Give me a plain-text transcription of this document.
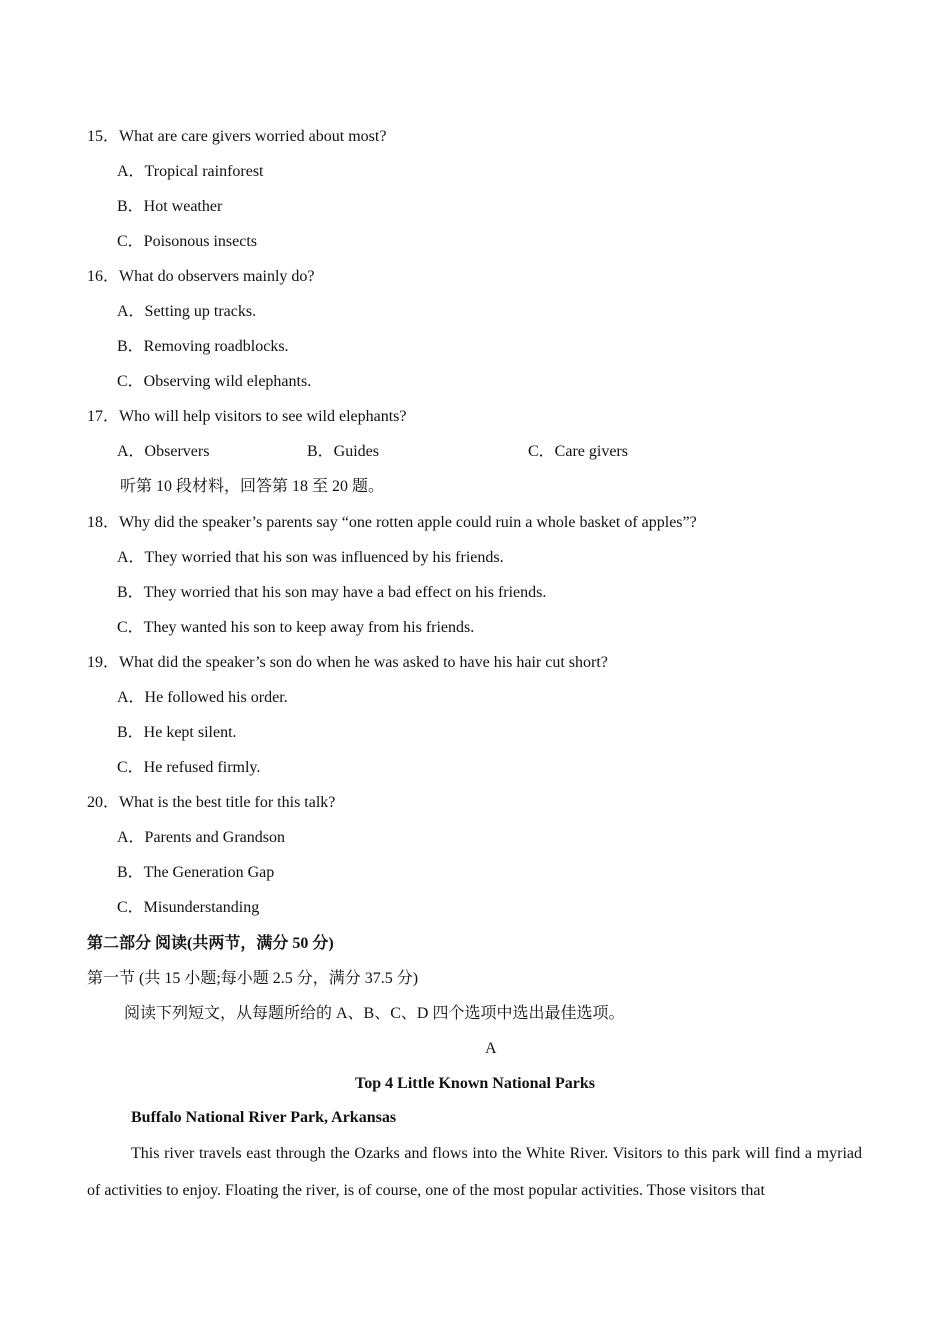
15．What are care givers worried about most?
A．Tropical rainforest
B．Hot weather
C．Poisonous insects
16．What do observers mainly do?
A．Setting up tracks.
B．Removing roadblocks.
C．Observing wild elephants.
17．Who will help visitors to see wild elephants?
A．Observers	B．Guides	C．Care givers
听第 10 段材料，回答第 18 至 20 题。
18．Why did the speaker’s parents say “one rotten apple could ruin a whole basket of apples”?
A．They worried that his son was influenced by his friends.
B．They worried that his son may have a bad effect on his friends.
C．They wanted his son to keep away from his friends.
19．What did the speaker’s son do when he was asked to have his hair cut short?
A．He followed his order.
B．He kept silent.
C．He refused firmly.
20．What is the best title for this talk?
A．Parents and Grandson
B．The Generation Gap
C．Misunderstanding
第二部分 阅读(共两节，满分 50 分)
第一节 (共 15 小题;每小题 2.5 分，满分 37.5 分)
阅读下列短文，从每题所给的 A、B、C、D 四个选项中选出最佳选项。
A
Top 4 Little Known National Parks
Buffalo National River Park, Arkansas

This river travels east through the Ozarks and flows into the White River. Visitors to this park will find a myriad of activities to enjoy. Floating the river, is of course, one of the most popular activities. Those visitors that
